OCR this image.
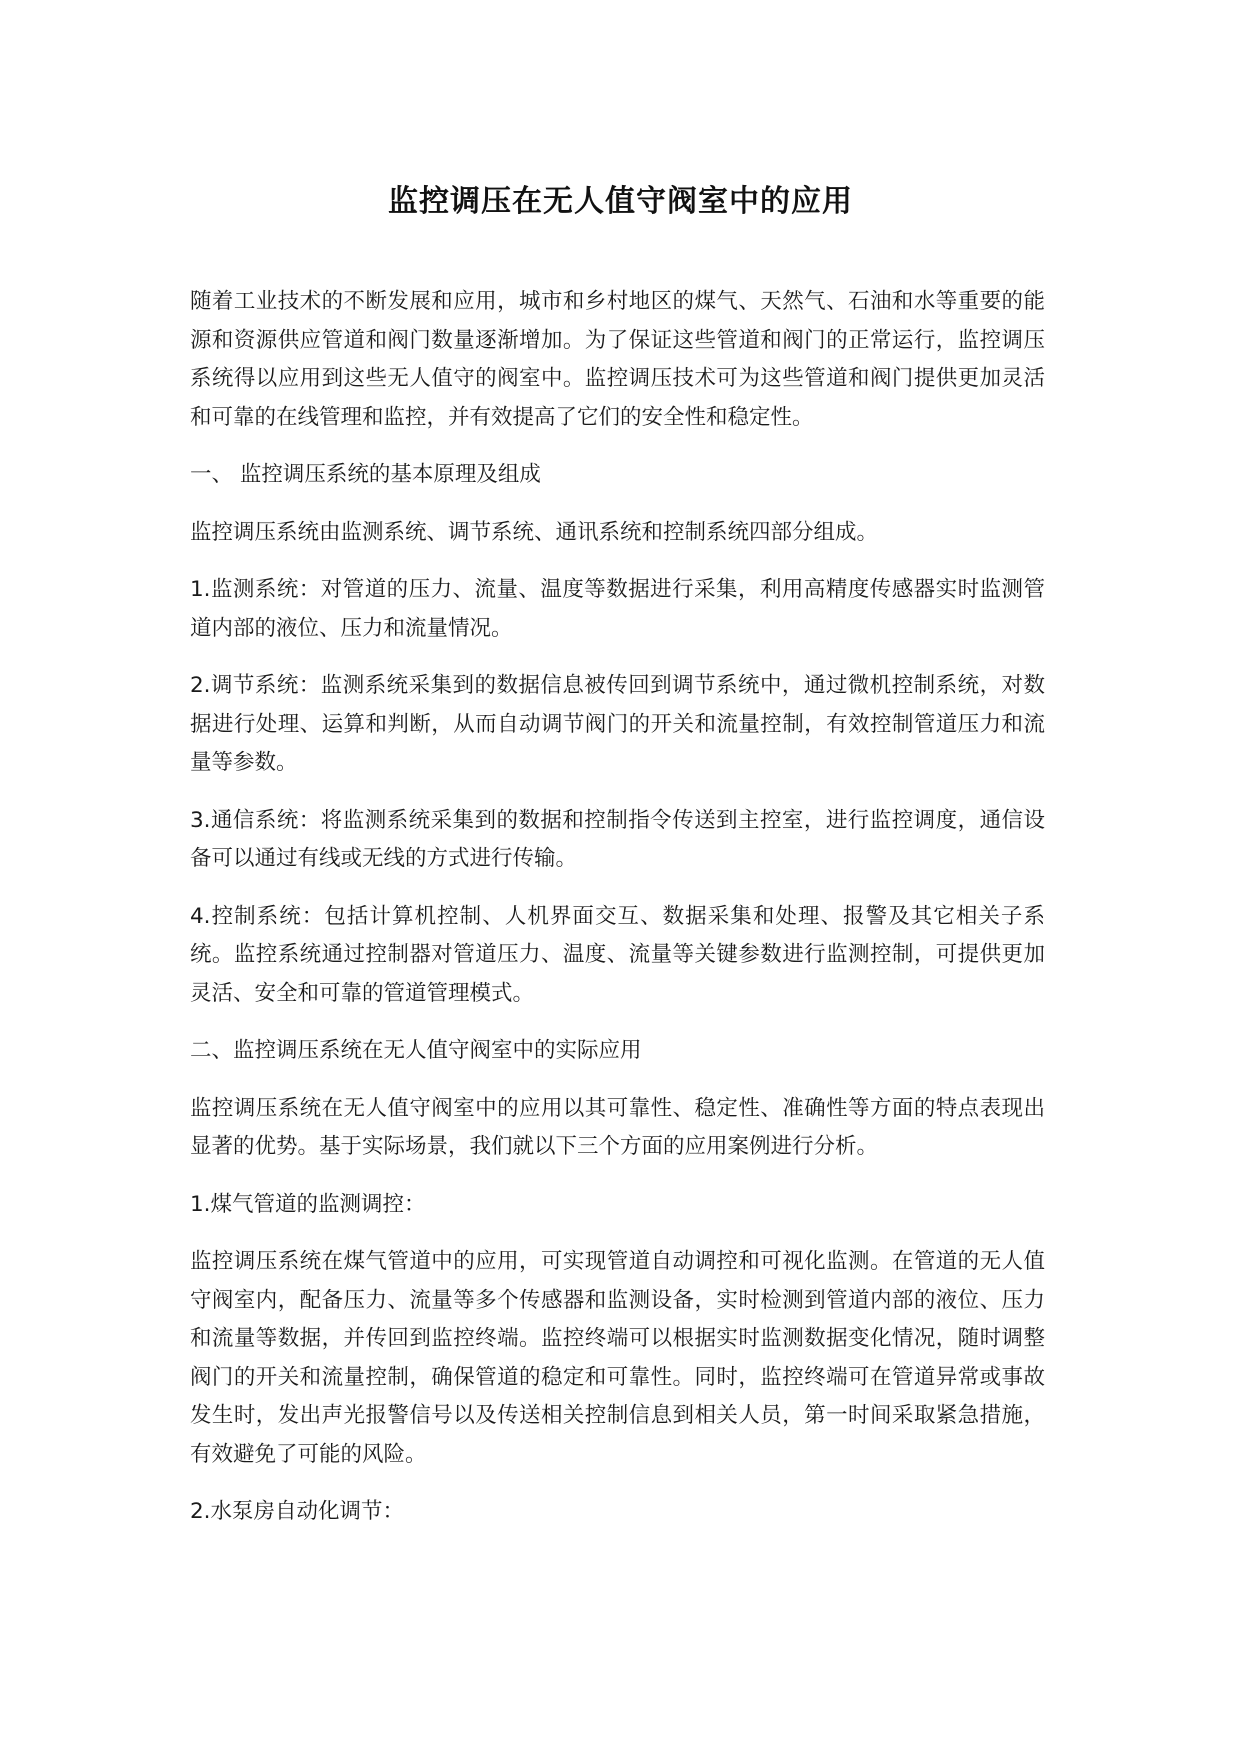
监控调压在无人值守阀室中的应用

随着工业技术的不断发展和应用，城市和乡村地区的煤气、天然气、石油和水等重要的能源和资源供应管道和阀门数量逐渐增加。为了保证这些管道和阀门的正常运行，监控调压系统得以应用到这些无人值守的阀室中。监控调压技术可为这些管道和阀门提供更加灵活和可靠的在线管理和监控，并有效提高了它们的安全性和稳定性。

一、 监控调压系统的基本原理及组成

监控调压系统由监测系统、调节系统、通讯系统和控制系统四部分组成。

1.监测系统：对管道的压力、流量、温度等数据进行采集，利用高精度传感器实时监测管道内部的液位、压力和流量情况。

2.调节系统：监测系统采集到的数据信息被传回到调节系统中，通过微机控制系统，对数据进行处理、运算和判断，从而自动调节阀门的开关和流量控制，有效控制管道压力和流量等参数。

3.通信系统：将监测系统采集到的数据和控制指令传送到主控室，进行监控调度，通信设备可以通过有线或无线的方式进行传输。

4.控制系统：包括计算机控制、人机界面交互、数据采集和处理、报警及其它相关子系统。监控系统通过控制器对管道压力、温度、流量等关键参数进行监测控制，可提供更加灵活、安全和可靠的管道管理模式。

二、监控调压系统在无人值守阀室中的实际应用

监控调压系统在无人值守阀室中的应用以其可靠性、稳定性、准确性等方面的特点表现出显著的优势。基于实际场景，我们就以下三个方面的应用案例进行分析。

1.煤气管道的监测调控：

监控调压系统在煤气管道中的应用，可实现管道自动调控和可视化监测。在管道的无人值守阀室内，配备压力、流量等多个传感器和监测设备，实时检测到管道内部的液位、压力和流量等数据，并传回到监控终端。监控终端可以根据实时监测数据变化情况，随时调整阀门的开关和流量控制，确保管道的稳定和可靠性。同时，监控终端可在管道异常或事故发生时，发出声光报警信号以及传送相关控制信息到相关人员，第一时间采取紧急措施，有效避免了可能的风险。

2.水泵房自动化调节：
